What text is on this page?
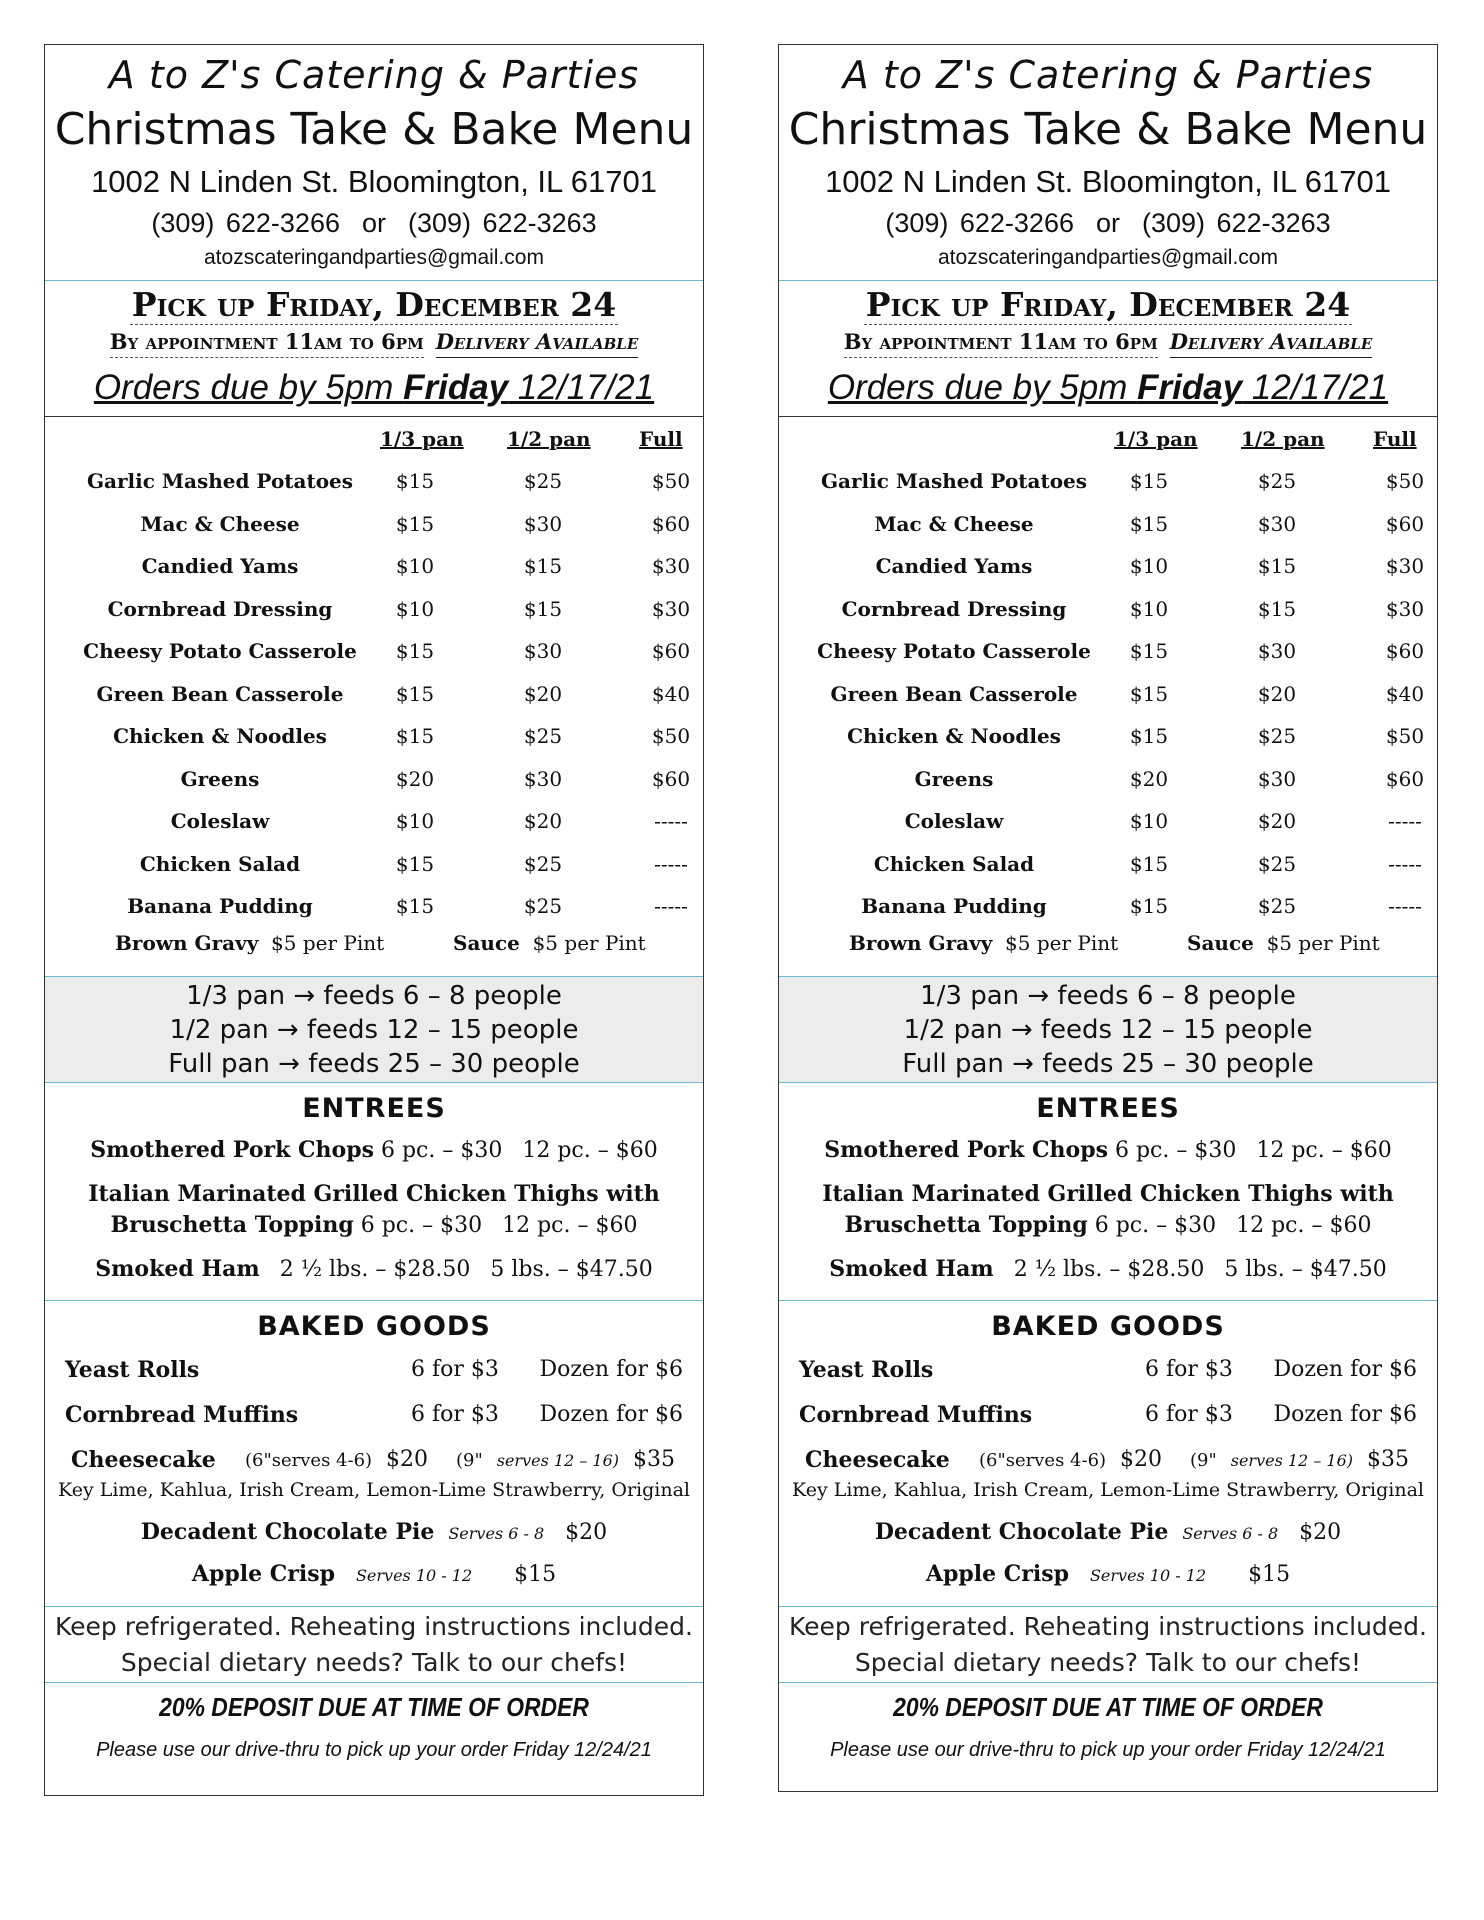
A to Z's Catering & Parties
Christmas Take & Bake Menu
1002 N Linden St. Bloomington, IL 61701
(309) 622-3266 or (309) 622-3263
atozscateringandparties@gmail.com
Pick up Friday, December 24
By appointment 11am to 6pm Delivery Available
Orders due by 5pm Friday 12/17/21
1/3 pan 1/2 pan Full
Garlic Mashed Potatoes	$15	$25	$50
Mac & Cheese	$15	$30	$60
Candied Yams	$10	$15	$30
Cornbread Dressing	$10	$15	$30
Cheesy Potato Casserole	$15	$30	$60
Green Bean Casserole	$15	$20	$40
Chicken & Noodles	$15	$25	$50
Greens	$20	$30	$60
Coleslaw	$10	$20	-----
Chicken Salad	$15	$25	-----
Banana Pudding	$15	$25	-----
Brown Gravy $5 per Pint	Sauce $5 per Pint
1/3 pan → feeds 6 – 8 people
1/2 pan → feeds 12 – 15 people
Full pan → feeds 25 – 30 people
ENTREES
Smothered Pork Chops 6 pc. – $30 12 pc. – $60
Italian Marinated Grilled Chicken Thighs with
Bruschetta Topping 6 pc. – $30 12 pc. – $60
Smoked Ham 2 ½ lbs. – $28.50 5 lbs. – $47.50
BAKED GOODS
Yeast Rolls	6 for $3 Dozen for $6
Cornbread Muffins	6 for $3 Dozen for $6
Cheesecake (6"serves 4-6) $20 (9" serves 12 – 16) $35
Key Lime, Kahlua, Irish Cream, Lemon-Lime Strawberry, Original
Decadent Chocolate Pie Serves 6 - 8 $20
Apple Crisp Serves 10 - 12 $15
Keep refrigerated. Reheating instructions included.
Special dietary needs? Talk to our chefs!
20% DEPOSIT DUE AT TIME OF ORDER
Please use our drive-thru to pick up your order Friday 12/24/21
A to Z's Catering & Parties
Christmas Take & Bake Menu
1002 N Linden St. Bloomington, IL 61701
(309) 622-3266 or (309) 622-3263
atozscateringandparties@gmail.com
Pick up Friday, December 24
By appointment 11am to 6pm Delivery Available
Orders due by 5pm Friday 12/17/21
1/3 pan 1/2 pan Full
Garlic Mashed Potatoes	$15	$25	$50
Mac & Cheese	$15	$30	$60
Candied Yams	$10	$15	$30
Cornbread Dressing	$10	$15	$30
Cheesy Potato Casserole	$15	$30	$60
Green Bean Casserole	$15	$20	$40
Chicken & Noodles	$15	$25	$50
Greens	$20	$30	$60
Coleslaw	$10	$20	-----
Chicken Salad	$15	$25	-----
Banana Pudding	$15	$25	-----
Brown Gravy $5 per Pint	Sauce $5 per Pint
1/3 pan → feeds 6 – 8 people
1/2 pan → feeds 12 – 15 people
Full pan → feeds 25 – 30 people
ENTREES
Smothered Pork Chops 6 pc. – $30 12 pc. – $60
Italian Marinated Grilled Chicken Thighs with
Bruschetta Topping 6 pc. – $30 12 pc. – $60
Smoked Ham 2 ½ lbs. – $28.50 5 lbs. – $47.50
BAKED GOODS
Yeast Rolls	6 for $3 Dozen for $6
Cornbread Muffins	6 for $3 Dozen for $6
Cheesecake (6"serves 4-6) $20 (9" serves 12 – 16) $35
Key Lime, Kahlua, Irish Cream, Lemon-Lime Strawberry, Original
Decadent Chocolate Pie Serves 6 - 8 $20
Apple Crisp Serves 10 - 12 $15
Keep refrigerated. Reheating instructions included.
Special dietary needs? Talk to our chefs!
20% DEPOSIT DUE AT TIME OF ORDER
Please use our drive-thru to pick up your order Friday 12/24/21
